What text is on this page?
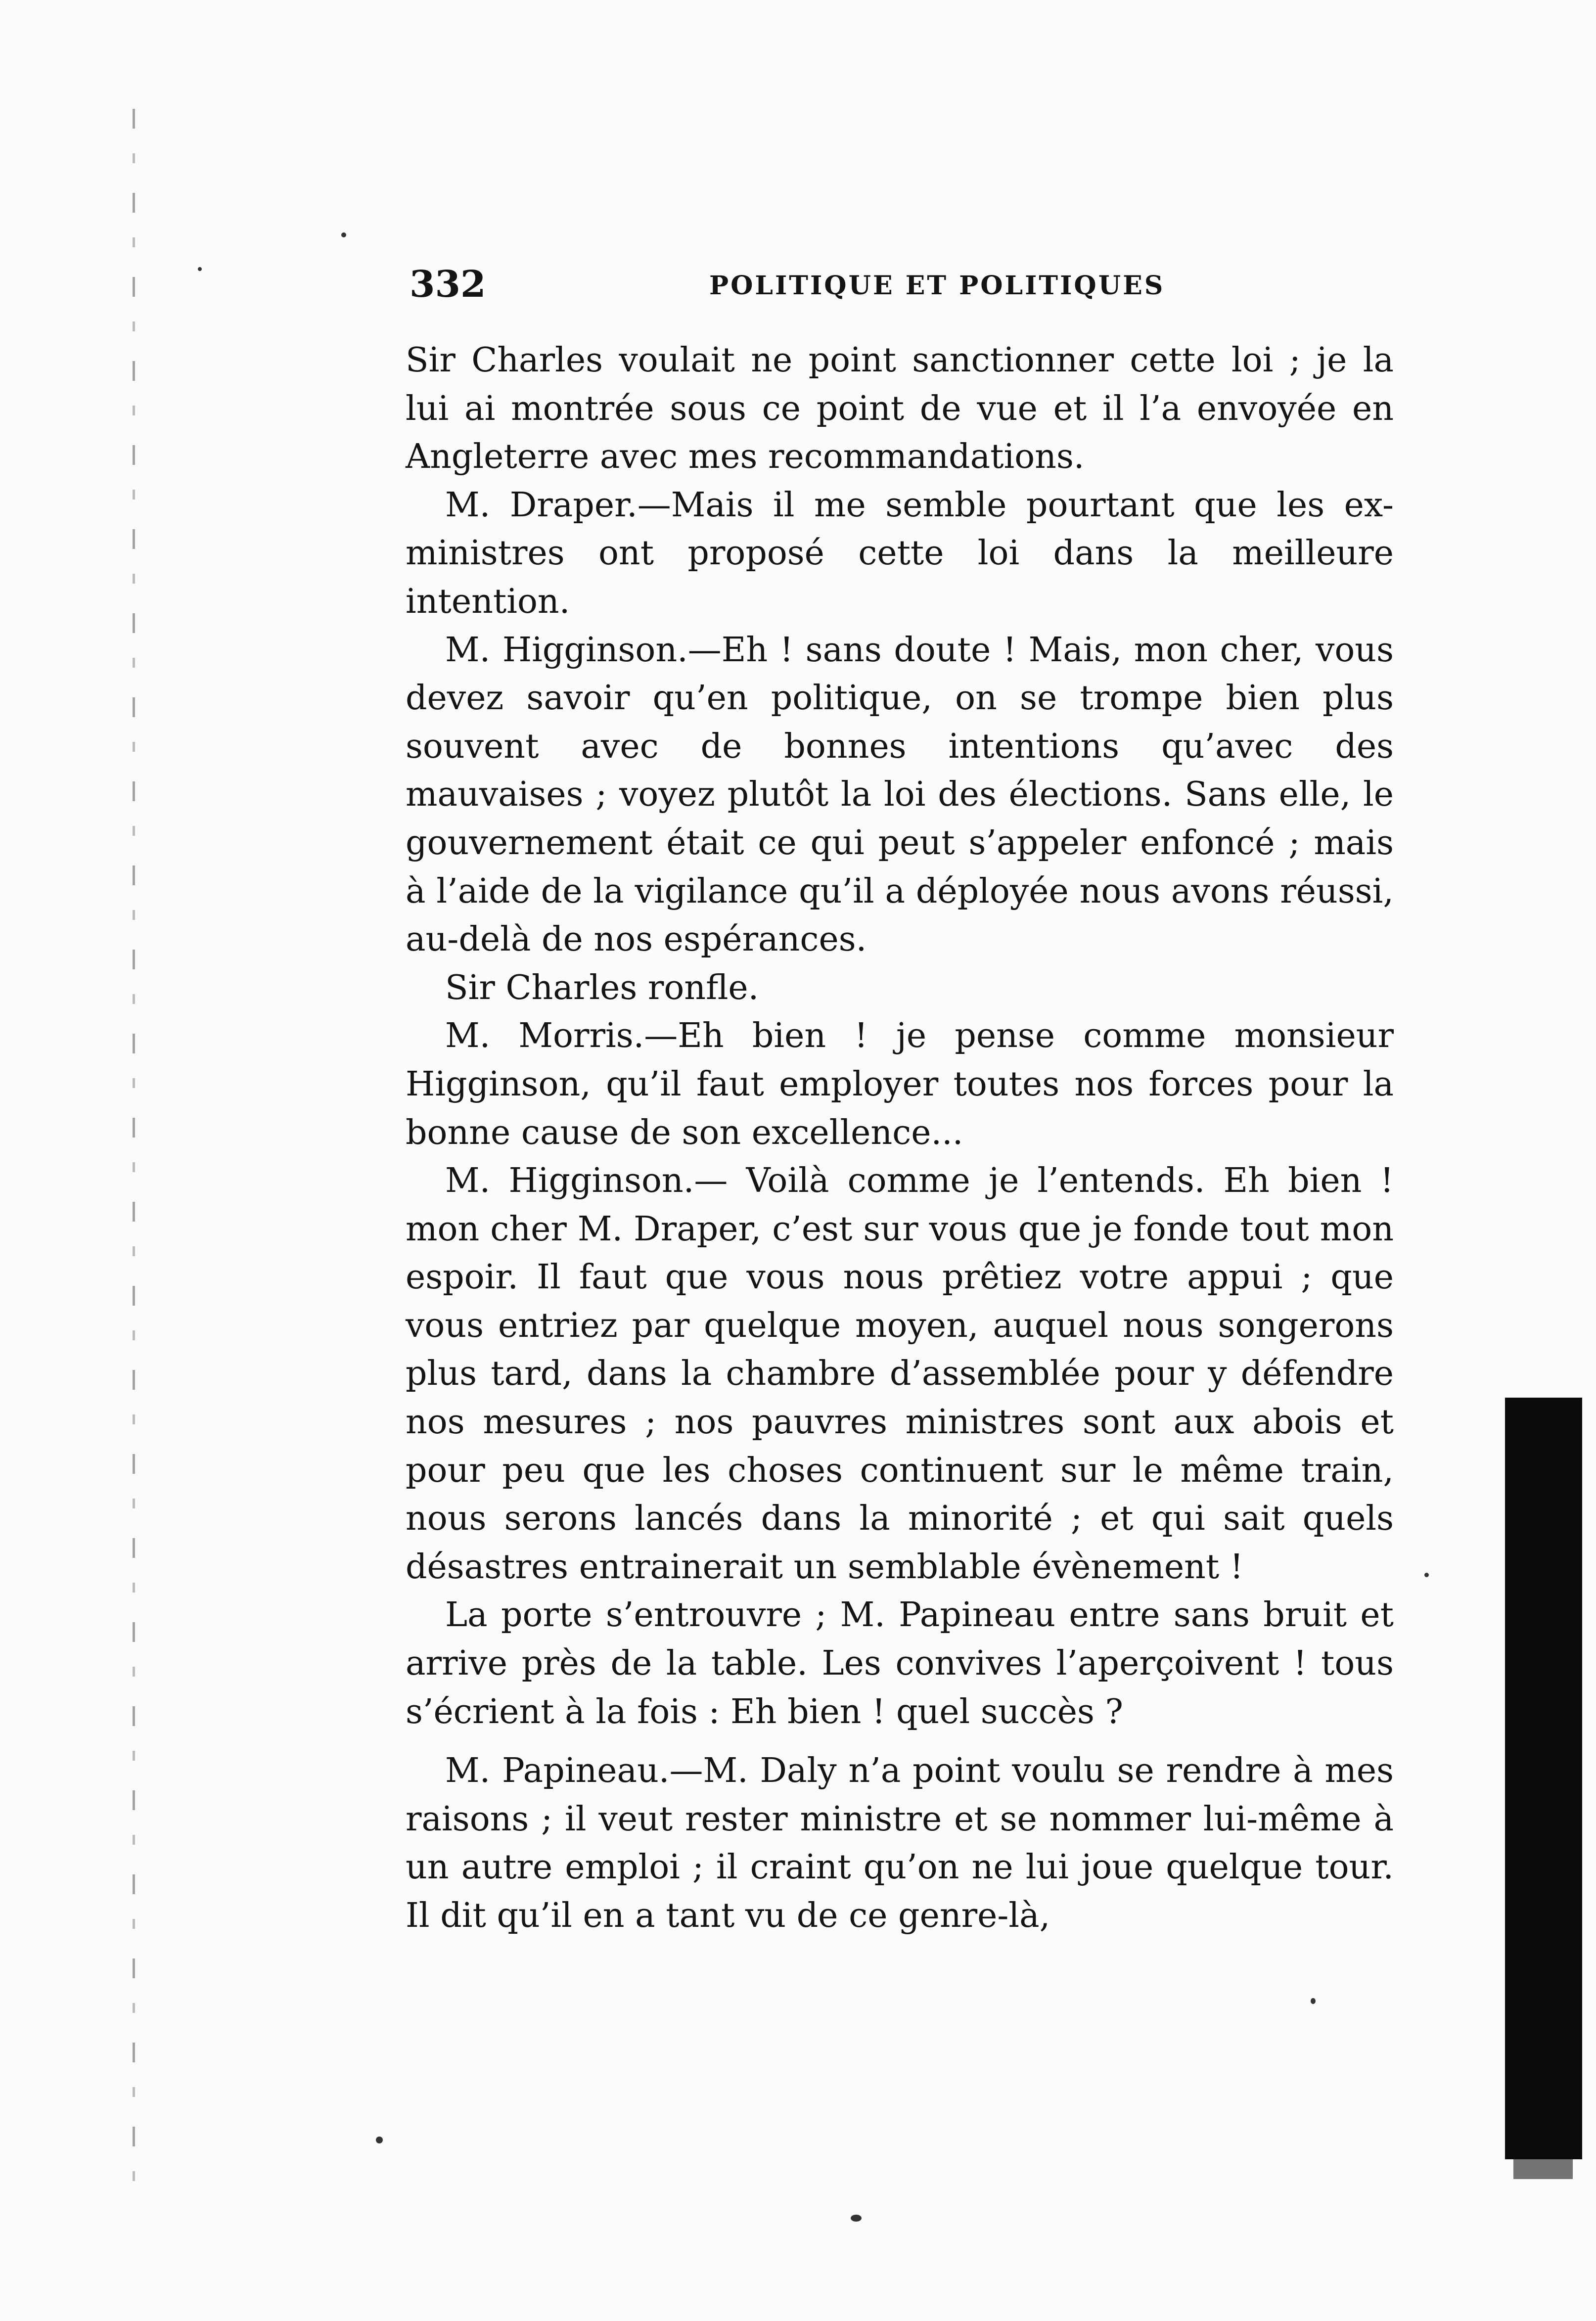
332	POLITIQUE ET POLITIQUES

Sir Charles voulait ne point sanctionner cette loi ; je la lui ai montrée sous ce point de vue et il l’a envoyée en Angleterre avec mes recommandations.

M. Draper.—Mais il me semble pourtant que les ex-ministres ont proposé cette loi dans la meilleure intention.

M. Higginson.—Eh ! sans doute ! Mais, mon cher, vous devez savoir qu’en politique, on se trompe bien plus souvent avec de bonnes intentions qu’avec des mauvaises ; voyez plutôt la loi des élections. Sans elle, le gouvernement était ce qui peut s’appeler enfoncé ; mais à l’aide de la vigilance qu’il a déployée nous avons réussi, au-delà de nos espérances.

Sir Charles ronfle.

M. Morris.—Eh bien ! je pense comme monsieur Higginson, qu’il faut employer toutes nos forces pour la bonne cause de son excellence...

M. Higginson.— Voilà comme je l’entends. Eh bien ! mon cher M. Draper, c’est sur vous que je fonde tout mon espoir. Il faut que vous nous prêtiez votre appui ; que vous entriez par quelque moyen, auquel nous songerons plus tard, dans la chambre d’assemblée pour y défendre nos mesures ; nos pauvres ministres sont aux abois et pour peu que les choses continuent sur le même train, nous serons lancés dans la minorité ; et qui sait quels désastres entrainerait un semblable évènement !

La porte s’entrouvre ; M. Papineau entre sans bruit et arrive près de la table. Les convives l’aperçoivent ! tous s’écrient à la fois : Eh bien ! quel succès ?

M. Papineau.—M. Daly n’a point voulu se rendre à mes raisons ; il veut rester ministre et se nommer lui-même à un autre emploi ; il craint qu’on ne lui joue quelque tour. Il dit qu’il en a tant vu de ce genre-là,
